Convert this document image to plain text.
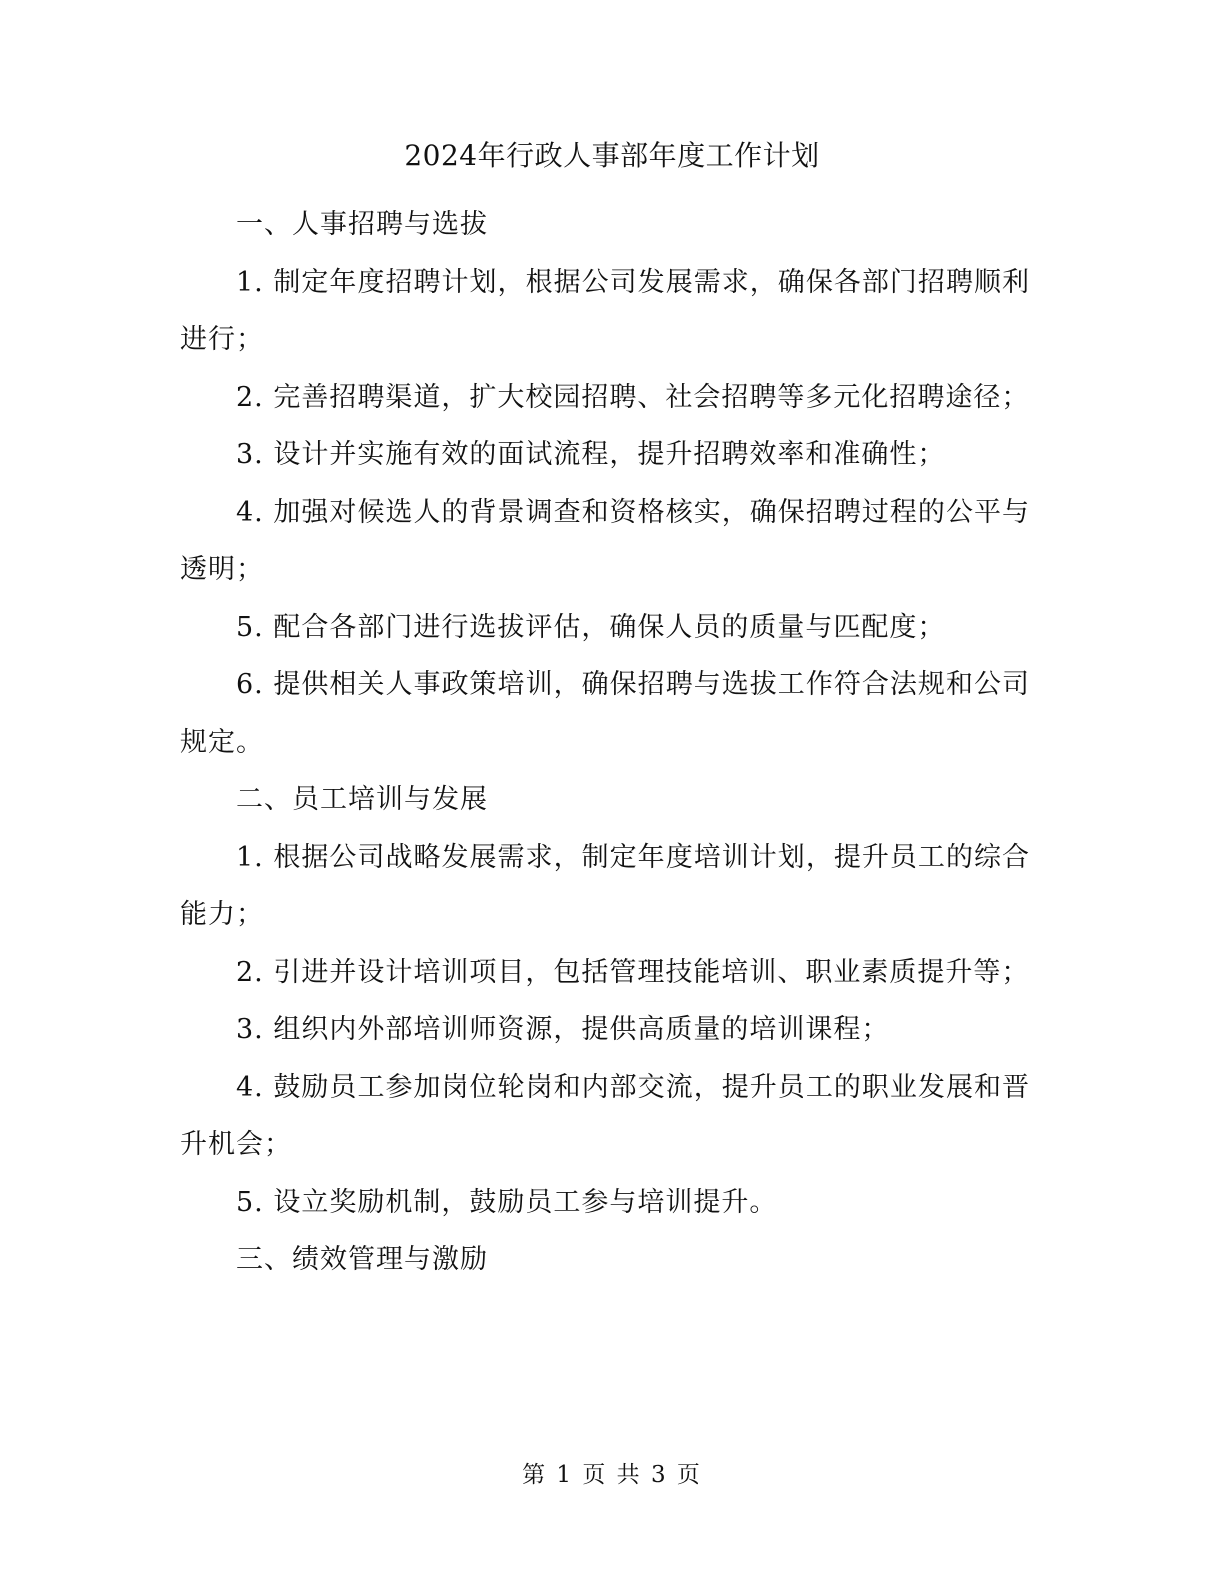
2024年行政人事部年度工作计划

一、人事招聘与选拔

1. 制定年度招聘计划，根据公司发展需求，确保各部门招聘顺利进行；

2. 完善招聘渠道，扩大校园招聘、社会招聘等多元化招聘途径；

3. 设计并实施有效的面试流程，提升招聘效率和准确性；

4. 加强对候选人的背景调查和资格核实，确保招聘过程的公平与透明；

5. 配合各部门进行选拔评估，确保人员的质量与匹配度；

6. 提供相关人事政策培训，确保招聘与选拔工作符合法规和公司规定。

二、员工培训与发展

1. 根据公司战略发展需求，制定年度培训计划，提升员工的综合能力；

2. 引进并设计培训项目，包括管理技能培训、职业素质提升等；

3. 组织内外部培训师资源，提供高质量的培训课程；

4. 鼓励员工参加岗位轮岗和内部交流，提升员工的职业发展和晋升机会；

5. 设立奖励机制，鼓励员工参与培训提升。

三、绩效管理与激励

第 1 页 共 3 页
